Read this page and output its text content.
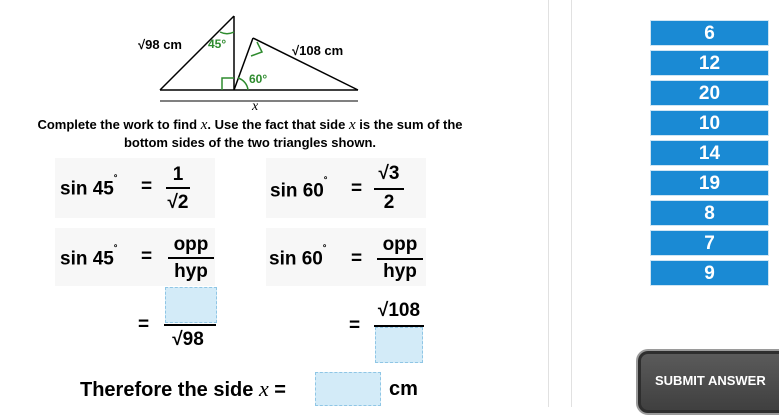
√98 cm 45°	√108 cm
60°
x
Complete the work to find x. Use the fact that side x is the sum of the bottom sides of the two triangles shown.
sin 45˚ =
1
√2
sin 60˚ =
√3
2
sin 45˚ =
opp
hyp
sin 60˚ =
opp
hyp
=
√98
=
√108
Therefore the side x =	cm
6
12
20
10
14
19
8
7
9
SUBMIT ANSWER
